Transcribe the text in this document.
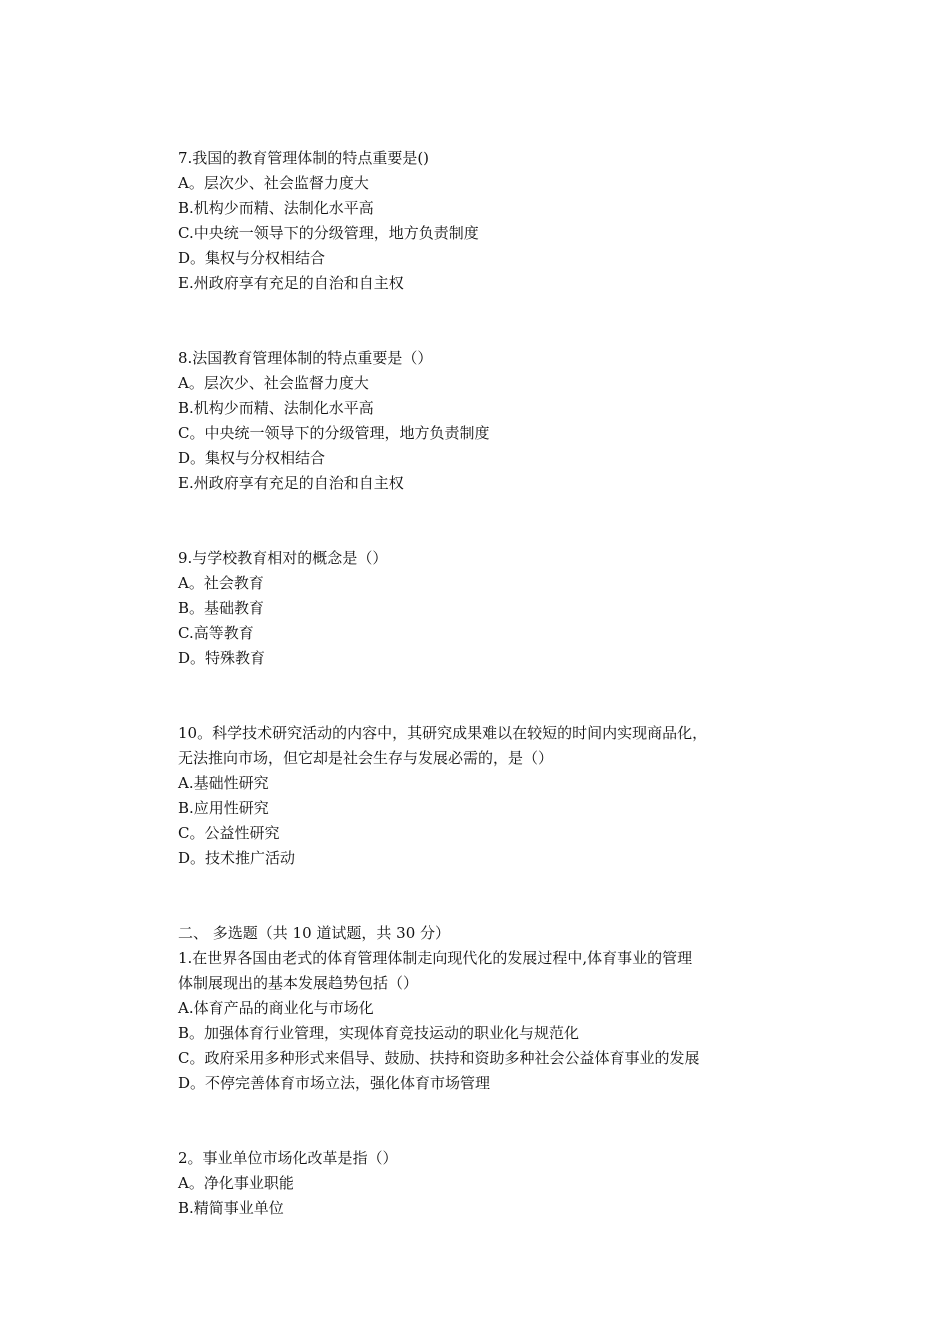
7.我国的教育管理体制的特点重要是()
A。层次少、社会监督力度大
B.机构少而精、法制化水平高
C.中央统一领导下的分级管理，地方负责制度
D。集权与分权相结合
E.州政府享有充足的自治和自主权
8.法国教育管理体制的特点重要是（）
A。层次少、社会监督力度大
B.机构少而精、法制化水平高
C。中央统一领导下的分级管理，地方负责制度
D。集权与分权相结合
E.州政府享有充足的自治和自主权
9.与学校教育相对的概念是（）
A。社会教育
B。基础教育
C.高等教育
D。特殊教育
10。科学技术研究活动的内容中，其研究成果难以在较短的时间内实现商品化，
无法推向市场，但它却是社会生存与发展必需的，是（）
A.基础性研究
B.应用性研究
C。公益性研究
D。技术推广活动
二、 多选题（共 10 道试题，共 30 分）
1.在世界各国由老式的体育管理体制走向现代化的发展过程中,体育事业的管理
体制展现出的基本发展趋势包括（）
A.体育产品的商业化与市场化
B。加强体育行业管理，实现体育竞技运动的职业化与规范化
C。政府采用多种形式来倡导、鼓励、扶持和资助多种社会公益体育事业的发展
D。不停完善体育市场立法，强化体育市场管理
2。事业单位市场化改革是指（）
A。净化事业职能
B.精简事业单位
